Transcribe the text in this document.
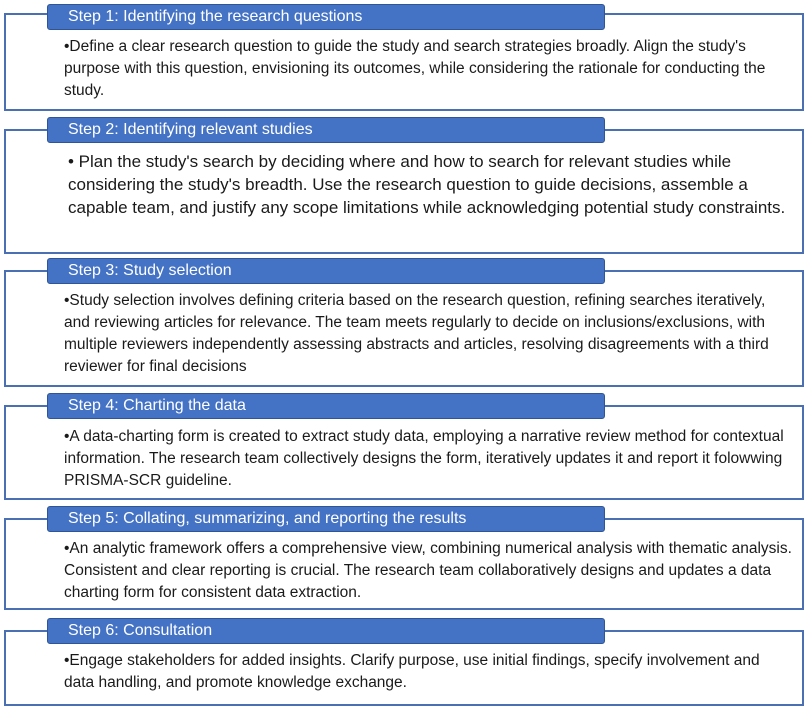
Step 1: Identifying the research questions

•Define a clear research question to guide the study and search strategies broadly. Align the study's purpose with this question, envisioning its outcomes, while considering the rationale for conducting the study.

Step 2: Identifying relevant studies

• Plan the study's search by deciding where and how to search for relevant studies while considering the study's breadth. Use the research question to guide decisions, assemble a capable team, and justify any scope limitations while acknowledging potential study constraints.

Step 3: Study selection

•Study selection involves defining criteria based on the research question, refining searches iteratively, and reviewing articles for relevance. The team meets regularly to decide on inclusions/exclusions, with multiple reviewers independently assessing abstracts and articles, resolving disagreements with a third reviewer for final decisions

Step 4: Charting the data

•A data-charting form is created to extract study data, employing a narrative review method for contextual information. The research team collectively designs the form, iteratively updates it and report it folowwing PRISMA-SCR guideline.

Step 5: Collating, summarizing, and reporting the results

•An analytic framework offers a comprehensive view, combining numerical analysis with thematic analysis. Consistent and clear reporting is crucial. The research team collaboratively designs and updates a data charting form for consistent data extraction.

Step 6: Consultation

•Engage stakeholders for added insights. Clarify purpose, use initial findings, specify involvement and data handling, and promote knowledge exchange.
